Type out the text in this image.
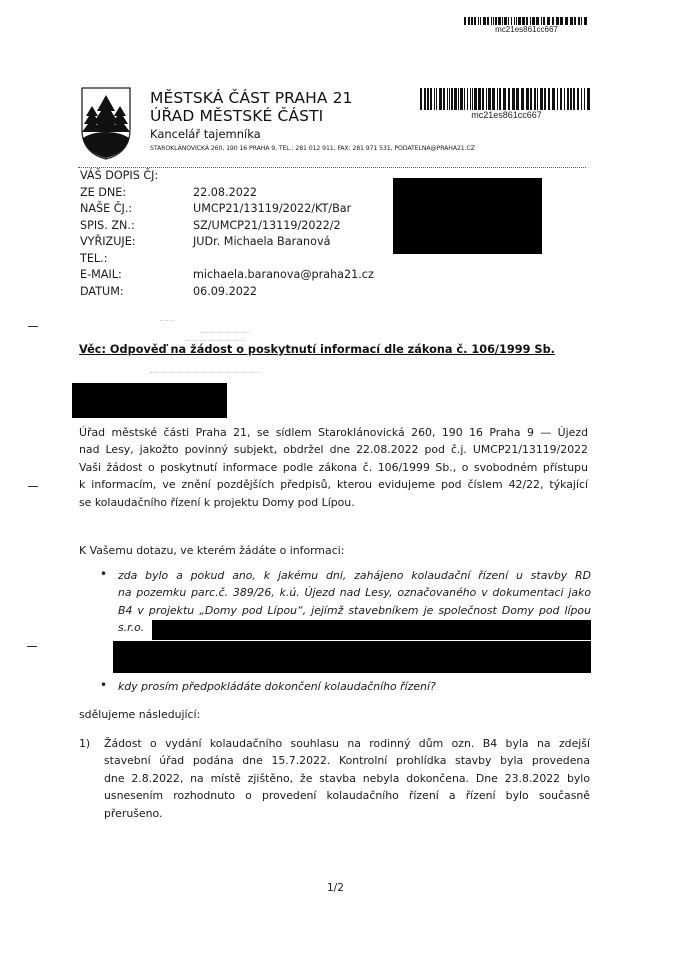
mc21es861cc667
mc21es861cc667
MĚSTSKÁ ČÁST PRAHA 21
ÚŘAD MĚSTSKÉ ČÁSTI
Kancelář tajemníka
STAROKLÁNOVICKÁ 260, 190 16 PRAHA 9, TEL.: 281 012 911, FAX: 281 971 531, PODATELNA@PRAHA21.CZ
VÁŠ DOPIS ČJ:
ZE DNE:	22.08.2022
NAŠE ČJ.:	UMCP21/13119/2022/KT/Bar
SPIS. ZN.:	SZ/UMCP21/13119/2022/2
VYŘIZUJE:	JUDr. Michaela Baranová
TEL.:
E-MAIL:	michaela.baranova@praha21.cz
DATUM:	06.09.2022
Věc: Odpověď na žádost o poskytnutí informací dle zákona č. 106/1999 Sb.
Úřad městské části Praha 21, se sídlem Staroklánovická 260, 190 16 Praha 9 — Újezd
nad Lesy, jakožto povinný subjekt, obdržel dne 22.08.2022 pod č.j. UMCP21/13119/2022
Vaši žádost o poskytnutí informace podle zákona č. 106/1999 Sb., o svobodném přístupu
k informacím, ve znění pozdějších předpisů, kterou evidujeme pod číslem 42/22, týkající
se kolaudačního řízení k projektu Domy pod Lípou.
K Vašemu dotazu, ve kterém žádáte o informaci:
• zda bylo a pokud ano, k jakému dni, zahájeno kolaudační řízení u stavby RD
na pozemku parc.č. 389/26, k.ú. Újezd nad Lesy, označovaného v dokumentaci jako
B4 v projektu „Domy pod Lípou“, jejímž stavebníkem je společnost Domy pod lípou
s.r.o.
• kdy prosím předpokládáte dokončení kolaudačního řízení?
sdělujeme následující:
1) Žádost o vydání kolaudačního souhlasu na rodinný dům ozn. B4 byla na zdejší
stavební úřad podána dne 15.7.2022. Kontrolní prohlídka stavby byla provedena
dne 2.8.2022, na místě zjištěno, že stavba nebyla dokončena. Dne 23.8.2022 bylo
usnesením rozhodnuto o provedení kolaudačního řízení a řízení bylo současně
přerušeno.
1/2
